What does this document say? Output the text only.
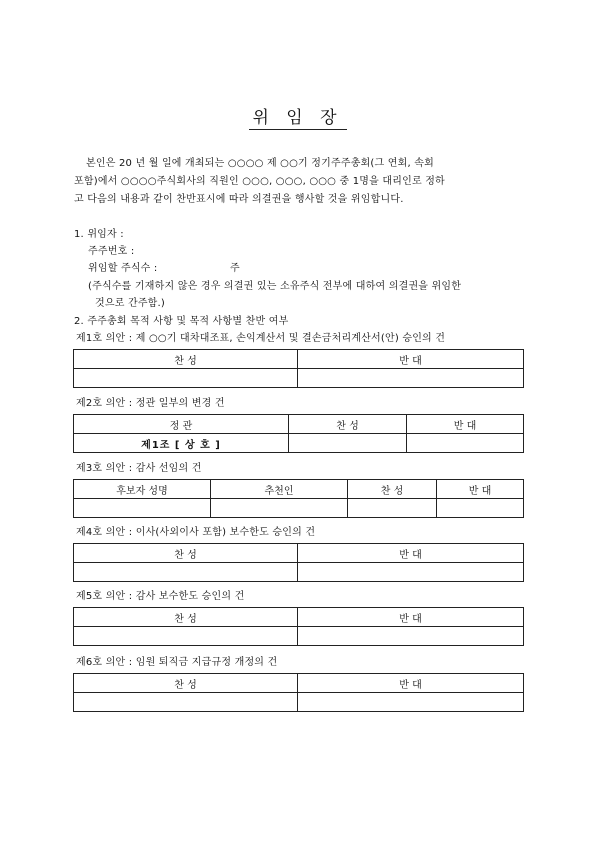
위 임 장
본인은 20 년 월 일에 개최되는 ○○○○ 제 ○○기 정기주주총회(그 연회, 속회
포함)에서 ○○○○주식회사의 직원인 ○○○, ○○○, ○○○ 중 1명을 대리인로 정하
고 다음의 내용과 같이 찬반표시에 따라 의결권을 행사할 것을 위임합니다.
1. 위임자 :
주주번호 :
위임할 주식수 :	주
(주식수를 기재하지 않은 경우 의결권 있는 소유주식 전부에 대하여 의결권을 위임한
것으로 간주함.)
2. 주주총회 목적 사항 및 목적 사항별 찬반 여부
제1호 의안 : 제 ○○기 대차대조표, 손익계산서 및 결손금처리계산서(안) 승인의 건
찬 성	반 대

제2호 의안 : 정관 일부의 변경 건
정 관	찬 성	반 대
제1조 [ 상 호 ]		
제3호 의안 : 감사 선임의 건
후보자 성명	추천인	찬 성	반 대

제4호 의안 : 이사(사외이사 포함) 보수한도 승인의 건
찬 성	반 대

제5호 의안 : 감사 보수한도 승인의 건
찬 성	반 대

제6호 의안 : 임원 퇴직금 지급규정 개정의 건
찬 성	반 대
